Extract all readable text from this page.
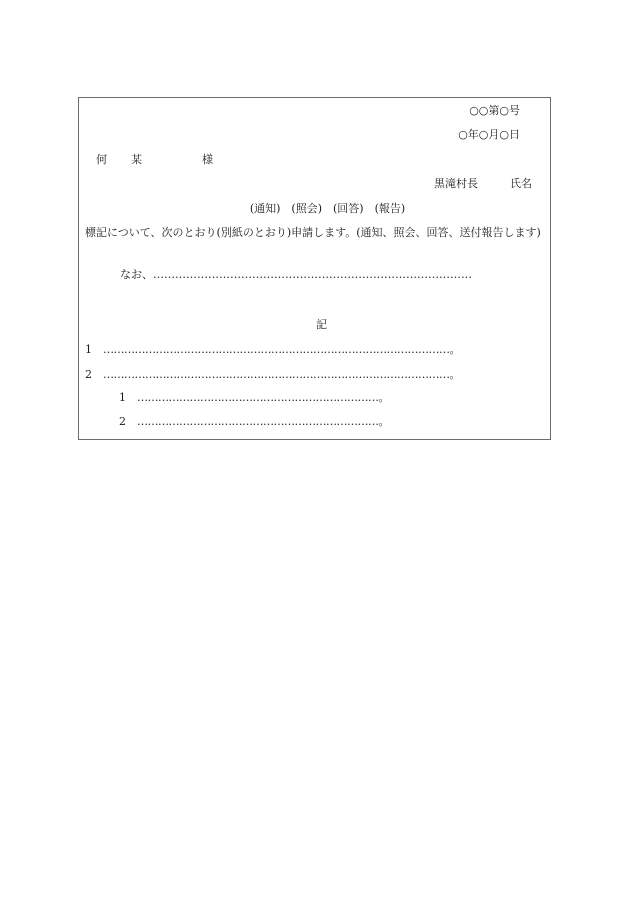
○○第○号
○年○月○日
何 某	様
黒滝村長	氏名
(通知)　(照会)　(回答)　(報告)
標記について、次のとおり(別紙のとおり)申請します。(通知、照会、回答、送付報告します)
なお、……………………………………………………………………………
記
1 ………………………………………………………………………………………。
2 ………………………………………………………………………………………。
1 ……………………………………………………………。
2 ……………………………………………………………。
